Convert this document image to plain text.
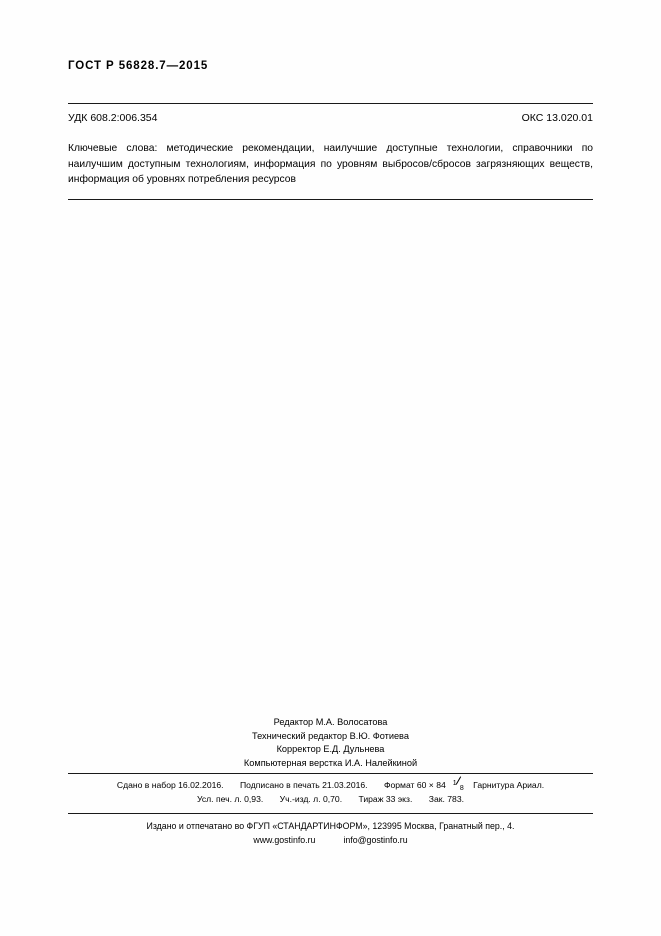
ГОСТ Р 56828.7—2015
УДК 608.2:006.354	ОКС 13.020.01
Ключевые слова: методические рекомендации, наилучшие доступные технологии, справочники по наилучшим доступным технологиям, информация по уровням выбросов/сбросов загрязняющих веществ, информация об уровнях потребления ресурсов
Редактор М.А. Волосатова
Технический редактор В.Ю. Фотиева
Корректор Е.Д. Дульнева
Компьютерная верстка И.А. Налейкиной
Сдано в набор 16.02.2016. Подписано в печать 21.03.2016. Формат 60 × 84 1
8 Гарнитура Ариал.
Усл. печ. л. 0,93. Уч.-изд. л. 0,70. Тираж 33 экз. Зак. 783.
Издано и отпечатано во ФГУП «СТАНДАРТИНФОРМ», 123995 Москва, Гранатный пер., 4.
www.gostinfo.ru	info@gostinfo.ru
